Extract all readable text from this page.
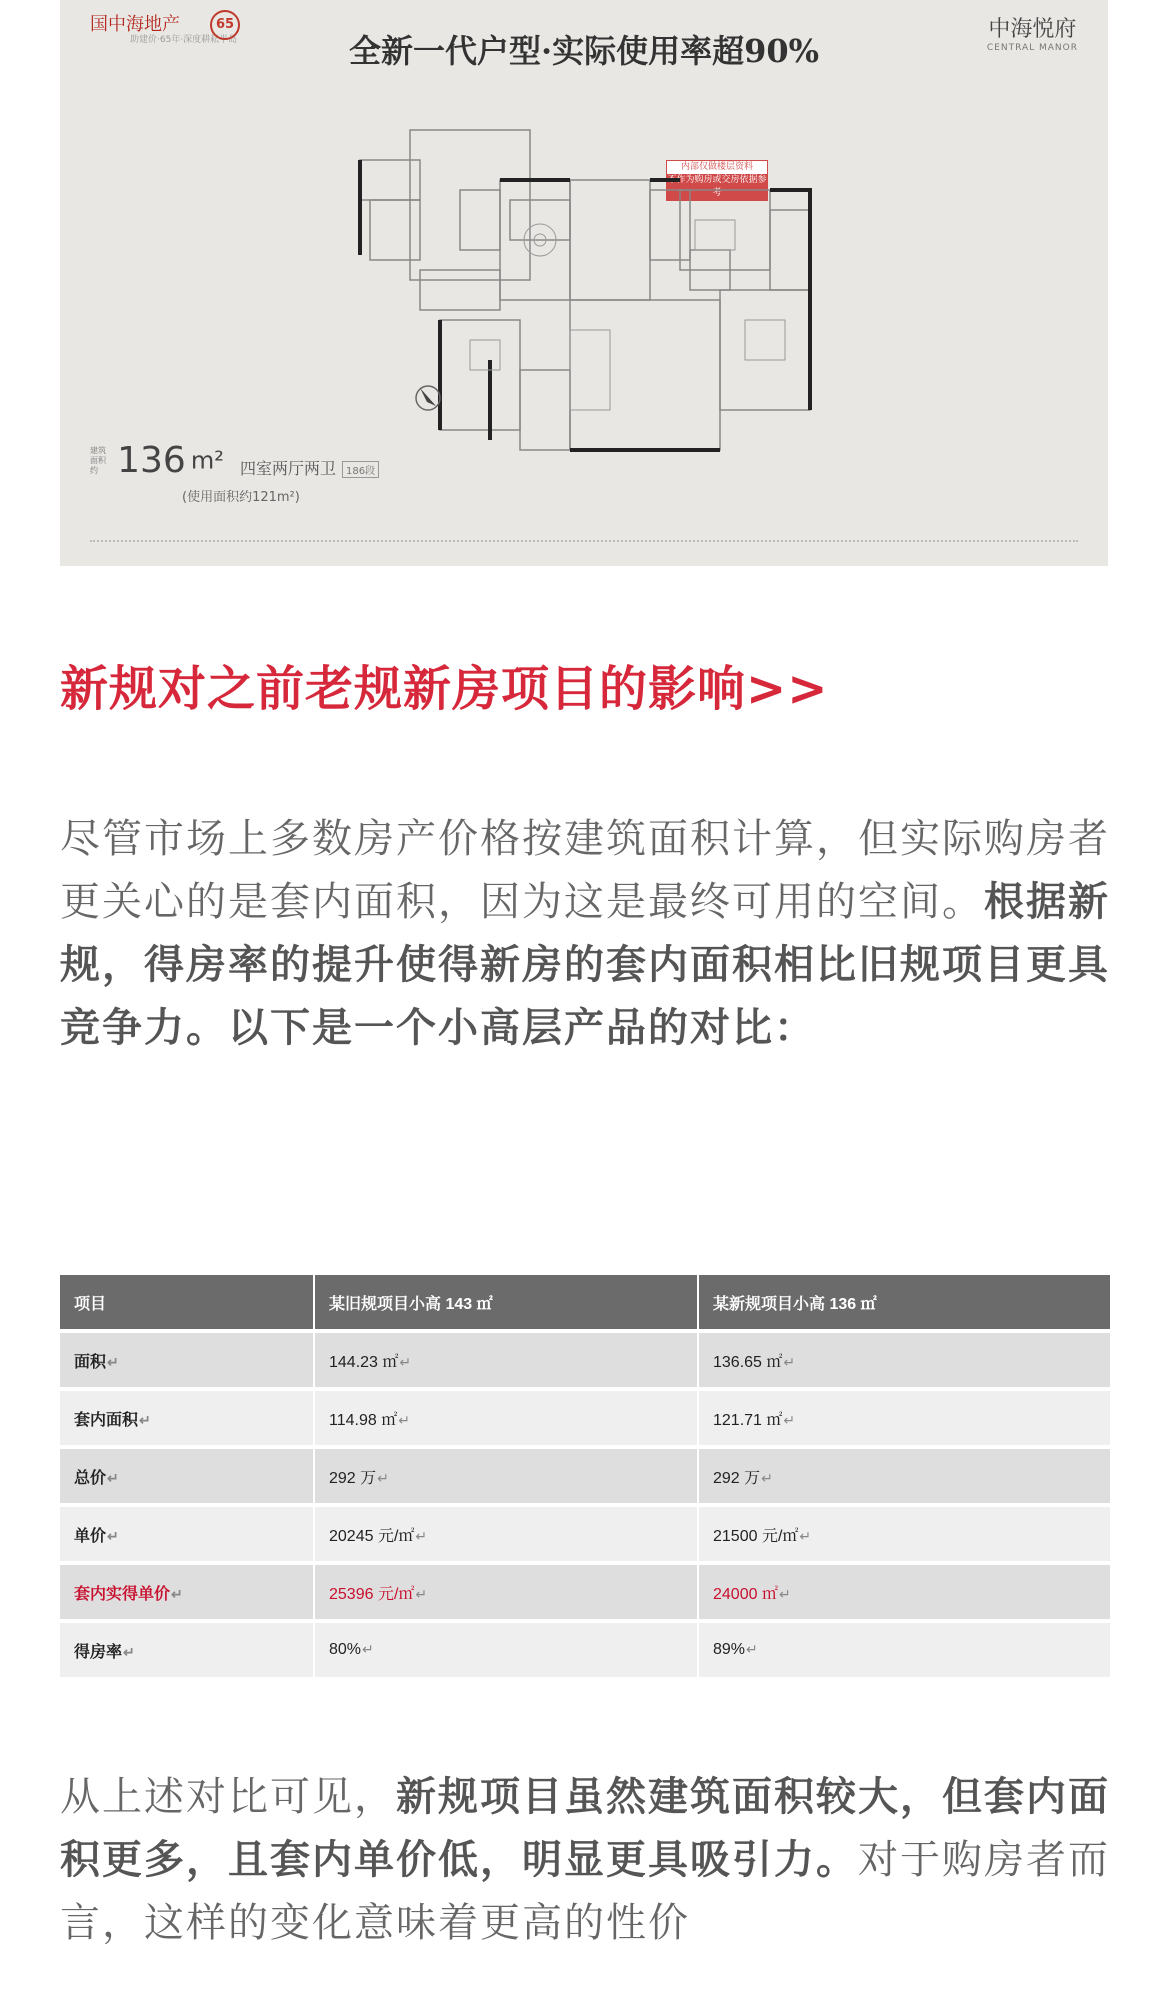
国中海地产
助建价·65年·深度耕耘半岛
65
全新一代户型·实际使用率超90%
中海悦府
CENTRAL MANOR
内部仅做楼层资料
不作为购房或交房依据参考
建筑面积约 136 m² 四室两厅两卫 186段
(使用面积约121m²)
新规对之前老规新房项目的影响>>
尽管市场上多数房产价格按建筑面积计算，但实际购房者更关心的是套内面积，因为这是最终可用的空间。根据新规，得房率的提升使得新房的套内面积相比旧规项目更具竞争力。以下是一个小高层产品的对比：
项目	某旧规项目小高 143 ㎡	某新规项目小高 136 ㎡
面积↵	144.23 ㎡↵	136.65 ㎡↵
套内面积↵	114.98 ㎡↵	121.71 ㎡↵
总价↵	292 万↵	292 万↵
单价↵	20245 元/㎡↵	21500 元/㎡↵
套内实得单价↵	25396 元/㎡↵	24000 ㎡↵
得房率↵	80%↵	89%↵
从上述对比可见，新规项目虽然建筑面积较大，但套内面积更多，且套内单价低，明显更具吸引力。对于购房者而言，这样的变化意味着更高的性价
